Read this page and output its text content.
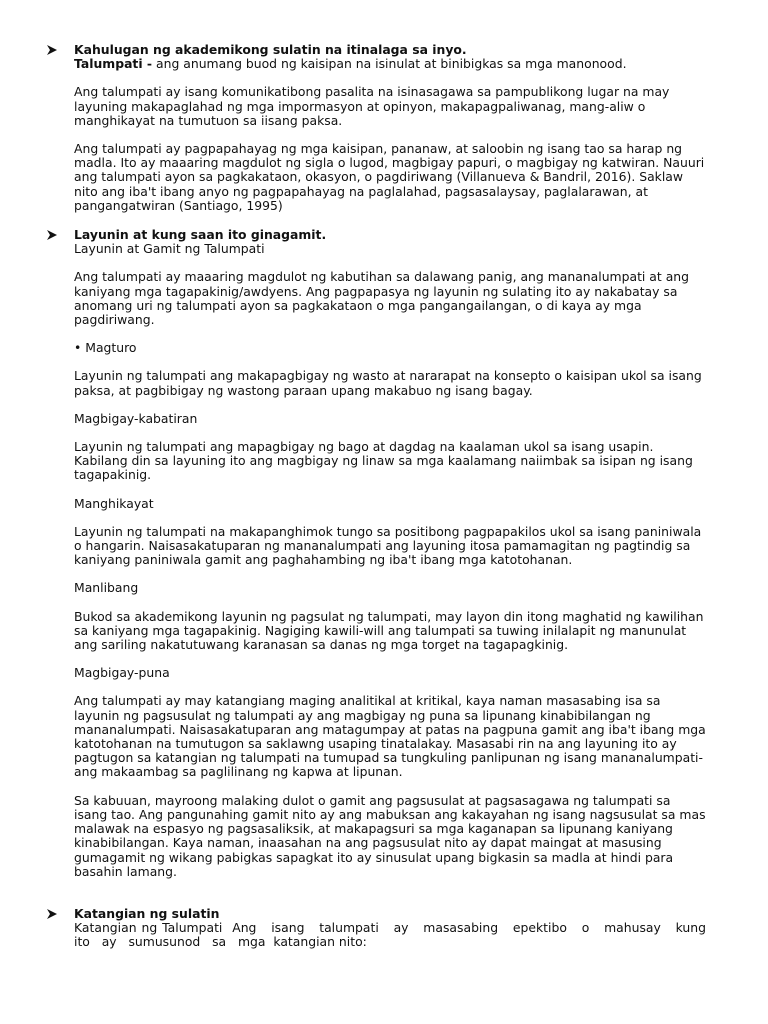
Kahulugan ng akademikong sulatin na itinalaga sa inyo.

Talumpati - ang anumang buod ng kaisipan na isinulat at binibigkas sa mga manonood.

Ang talumpati ay isang komunikatibong pasalita na isinasagawa sa pampublikong lugar na may layuning makapaglahad ng mga impormasyon at opinyon, makapagpaliwanag, mang-aliw o manghikayat na tumutuon sa iisang paksa.

Ang talumpati ay pagpapahayag ng mga kaisipan, pananaw, at saloobin ng isang tao sa harap ng madla. Ito ay maaaring magdulot ng sigla o lugod, magbigay papuri, o magbigay ng katwiran. Nauuri ang talumpati ayon sa pagkakataon, okasyon, o pagdiriwang (Villanueva & Bandril, 2016). Saklaw nito ang iba't ibang anyo ng pagpapahayag na paglalahad, pagsasalaysay, paglalarawan, at pangangatwiran (Santiago, 1995)

Layunin at kung saan ito ginagamit.

Layunin at Gamit ng Talumpati

Ang talumpati ay maaaring magdulot ng kabutihan sa dalawang panig, ang mananalumpati at ang kaniyang mga tagapakinig/awdyens. Ang pagpapasya ng layunin ng sulating ito ay nakabatay sa anomang uri ng talumpati ayon sa pagkakataon o mga pangangailangan, o di kaya ay mga pagdiriwang.

• Magturo

Layunin ng talumpati ang makapagbigay ng wasto at nararapat na konsepto o kaisipan ukol sa isang paksa, at pagbibigay ng wastong paraan upang makabuo ng isang bagay.

Magbigay-kabatiran

Layunin ng talumpati ang mapagbigay ng bago at dagdag na kaalaman ukol sa isang usapin. Kabilang din sa layuning ito ang magbigay ng linaw sa mga kaalamang naiimbak sa isipan ng isang tagapakinig.

Manghikayat

Layunin ng talumpati na makapanghimok tungo sa positibong pagpapakilos ukol sa isang paniniwala o hangarin. Naisasakatuparan ng mananalumpati ang layuning itosa pamamagitan ng pagtindig sa kaniyang paniniwala gamit ang paghahambing ng iba't ibang mga katotohanan.

Manlibang

Bukod sa akademikong layunin ng pagsulat ng talumpati, may layon din itong maghatid ng kawilihan sa kaniyang mga tagapakinig. Nagiging kawili-will ang talumpati sa tuwing inilalapit ng manunulat ang sariling nakatutuwang karanasan sa danas ng mga torget na tagapagkinig.

Magbigay-puna

Ang talumpati ay may katangiang maging analitikal at kritikal, kaya naman masasabing isa sa layunin ng pagsusulat ng talumpati ay ang magbigay ng puna sa lipunang kinabibilangan ng mananalumpati. Naisasakatuparan ang matagumpay at patas na pagpuna gamit ang iba't ibang mga katotohanan na tumutugon sa saklawng usaping tinatalakay. Masasabi rin na ang layuning ito ay pagtugon sa katangian ng talumpati na tumupad sa tungkuling panlipunan ng isang mananalumpati-ang makaambag sa paglilinang ng kapwa at lipunan.

Sa kabuuan, mayroong malaking dulot o gamit ang pagsusulat at pagsasagawa ng talumpati sa isang tao. Ang pangunahing gamit nito ay ang mabuksan ang kakayahan ng isang nagsusulat sa mas malawak na espasyo ng pagsasaliksik, at makapagsuri sa mga kaganapan sa lipunang kaniyang kinabibilangan. Kaya naman, inaasahan na ang pagsusulat nito ay dapat maingat at masusing gumagamit ng wikang pabigkas sapagkat ito ay sinusulat upang bigkasin sa madla at hindi para basahin lamang.

Katangian ng sulatin

Katangian ng Talumpati  Ang   isang   talumpati   ay   masasabing   epektibo   o   mahusay   kung

ito   ay   sumusunod   sa   mga  katangian nito:
